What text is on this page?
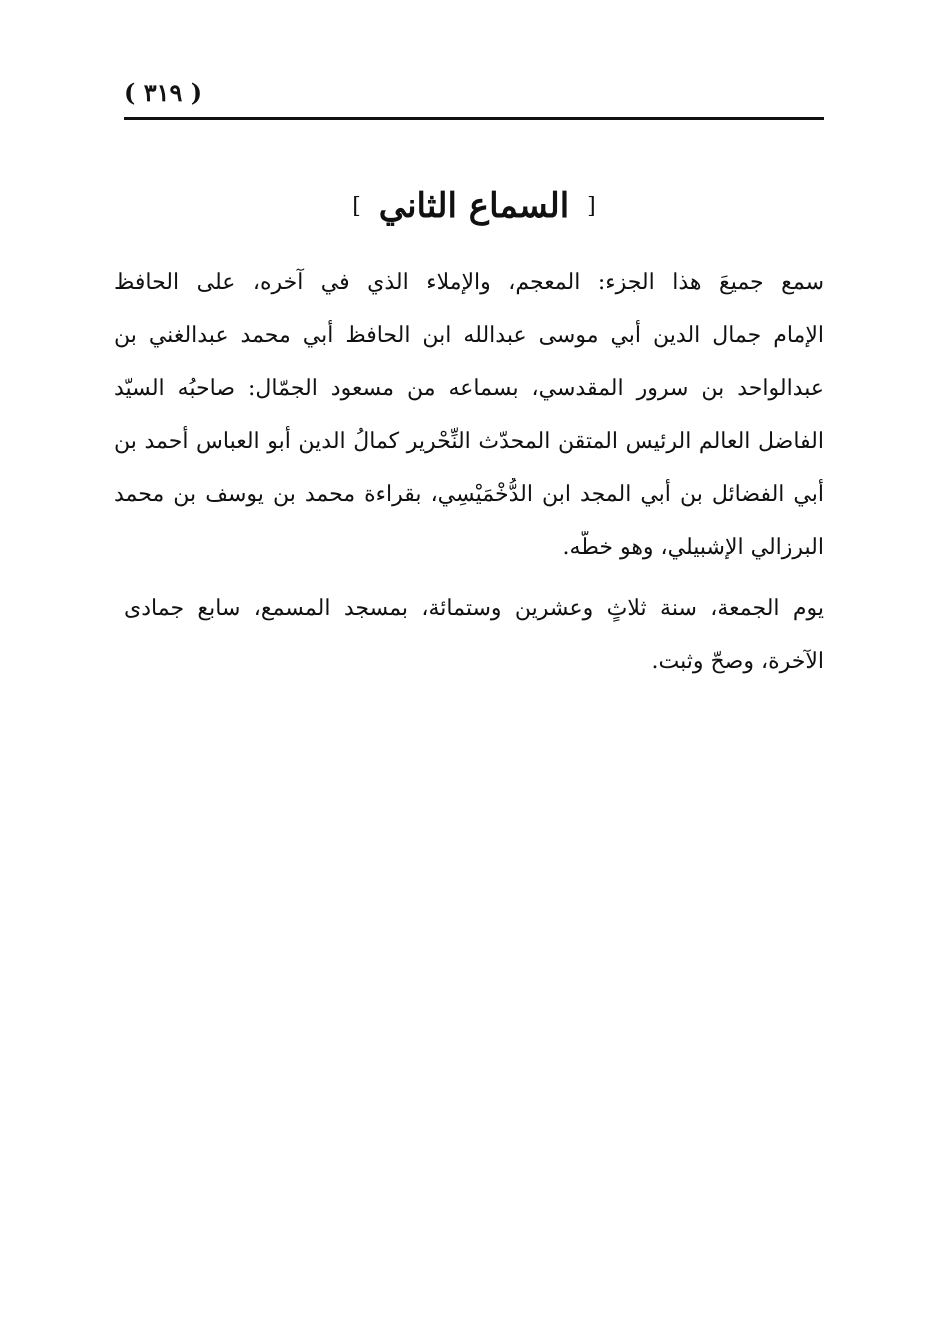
( ٣١٩ )
[ السماع الثاني ]
سمع جميعَ هذا الجزء: المعجم، والإملاء الذي في آخره، على الحافظ
الإمام جمال الدين أبي موسى عبدالله ابن الحافظ أبي محمد عبدالغني بن
عبدالواحد بن سرور المقدسي، بسماعه من مسعود الجمّال: صاحبُه السيّد
الفاضل العالم الرئيس المتقن المحدّث النِّحْرير كمالُ الدين أبو العباس أحمد بن
أبي الفضائل بن أبي المجد ابن الدُّخْمَيْسِي، بقراءة محمد بن يوسف بن محمد
البرزالي الإشبيلي، وهو خطّه.
يوم الجمعة، سنة ثلاثٍ وعشرين وستمائة، بمسجد المسمع، سابع جمادى
الآخرة، وصحّ وثبت.
